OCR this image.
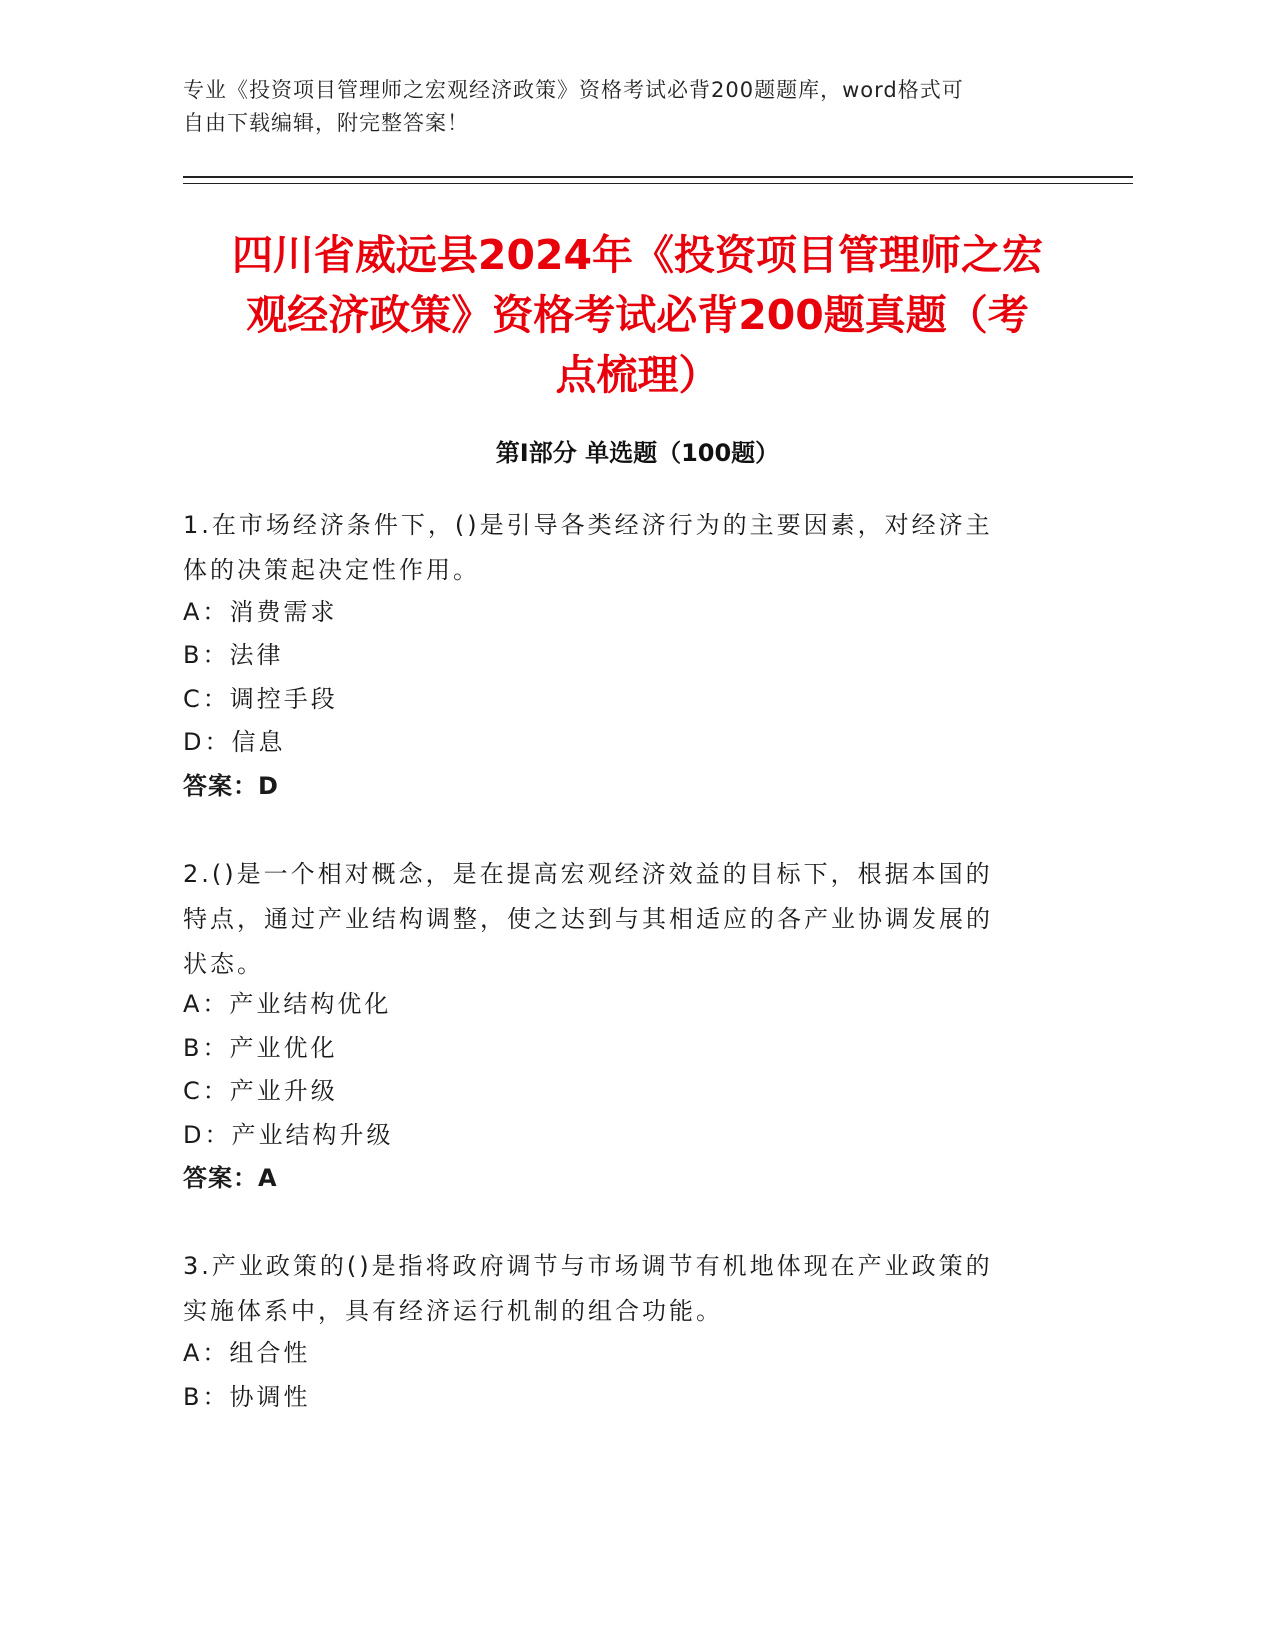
专业《投资项目管理师之宏观经济政策》资格考试必背200题题库，word格式可
自由下载编辑，附完整答案！
四川省威远县2024年《投资项目管理师之宏
观经济政策》资格考试必背200题真题（考
点梳理）
第Ⅰ部分 单选题（100题）
1.在市场经济条件下，()是引导各类经济行为的主要因素，对经济主
体的决策起决定性作用。
A：消费需求
B：法律
C：调控手段
D：信息
答案：D
2.()是一个相对概念，是在提高宏观经济效益的目标下，根据本国的
特点，通过产业结构调整，使之达到与其相适应的各产业协调发展的
状态。
A：产业结构优化
B：产业优化
C：产业升级
D：产业结构升级
答案：A
3.产业政策的()是指将政府调节与市场调节有机地体现在产业政策的
实施体系中，具有经济运行机制的组合功能。
A：组合性
B：协调性
